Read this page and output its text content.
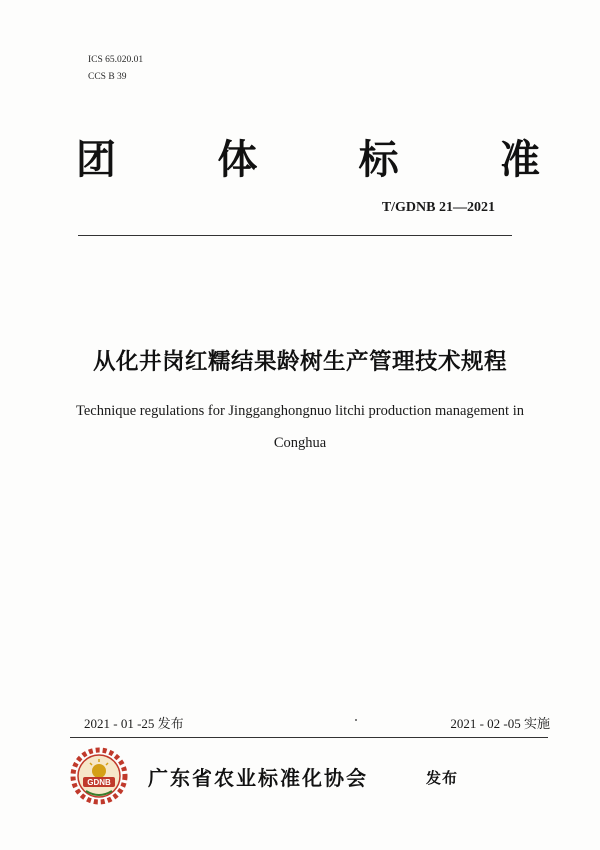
ICS 65.020.01
CCS B 39
团	体	标	准
T/GDNB 21—2021
从化井岗红糯结果龄树生产管理技术规程
Technique regulations for Jingganghongnuo litchi production management in
Conghua
2021 - 01 -25 发布	2021 - 02 -05 实施
GDNB 广东省农业标准化协会	发布
